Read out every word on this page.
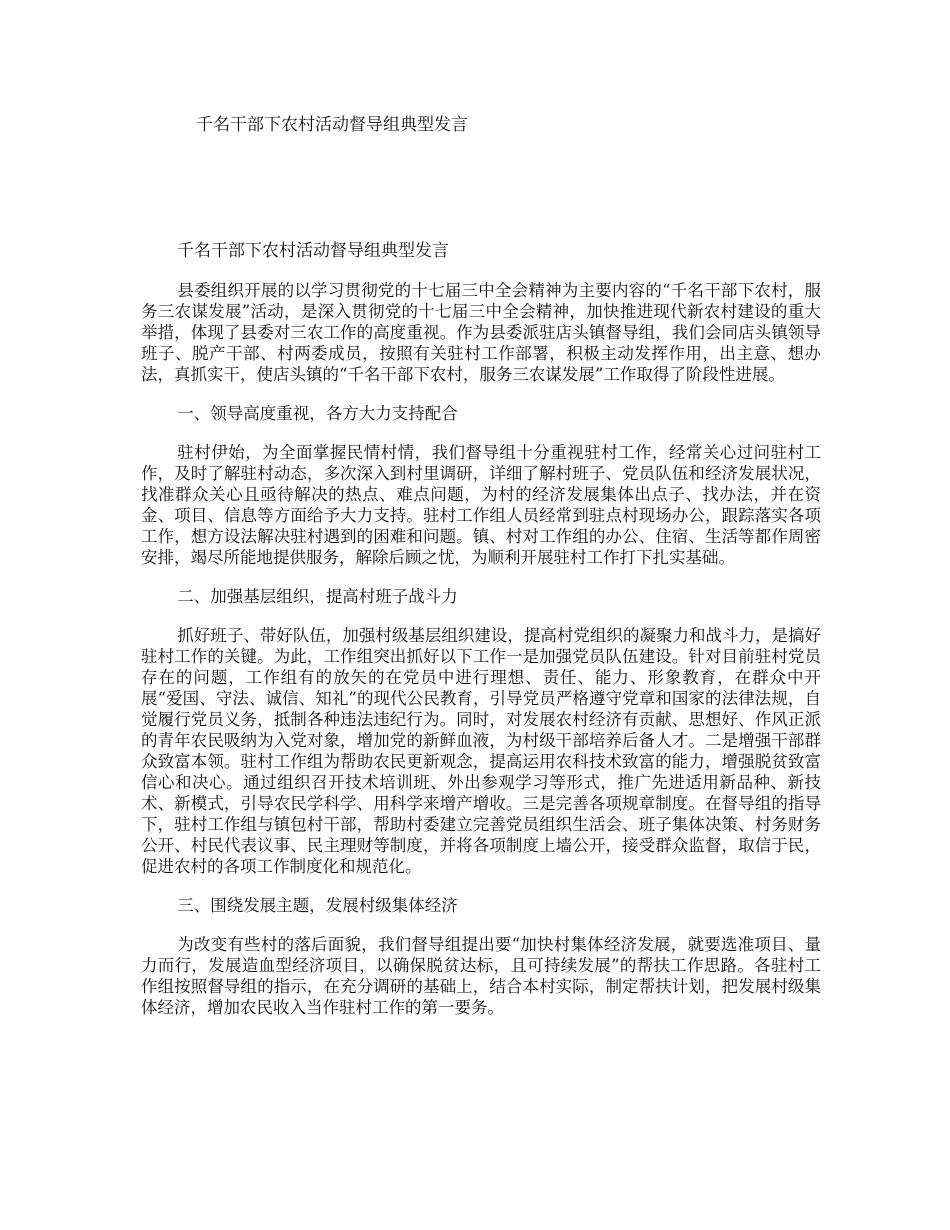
千名干部下农村活动督导组典型发言
千名干部下农村活动督导组典型发言

县委组织开展的以学习贯彻党的十七届三中全会精神为主要内容的“千名干部下农村，服务三农谋发展”活动，是深入贯彻党的十七届三中全会精神，加快推进现代新农村建设的重大举措，体现了县委对三农工作的高度重视。作为县委派驻店头镇督导组，我们会同店头镇领导班子、脱产干部、村两委成员，按照有关驻村工作部署，积极主动发挥作用，出主意、想办法，真抓实干，使店头镇的“千名干部下农村，服务三农谋发展”工作取得了阶段性进展。

一、领导高度重视，各方大力支持配合

驻村伊始，为全面掌握民情村情，我们督导组十分重视驻村工作，经常关心过问驻村工作，及时了解驻村动态，多次深入到村里调研，详细了解村班子、党员队伍和经济发展状况，找准群众关心且亟待解决的热点、难点问题，为村的经济发展集体出点子、找办法，并在资金、项目、信息等方面给予大力支持。驻村工作组人员经常到驻点村现场办公，跟踪落实各项工作，想方设法解决驻村遇到的困难和问题。镇、村对工作组的办公、住宿、生活等都作周密安排，竭尽所能地提供服务，解除后顾之忧，为顺利开展驻村工作打下扎实基础。

二、加强基层组织，提高村班子战斗力

抓好班子、带好队伍，加强村级基层组织建设，提高村党组织的凝聚力和战斗力，是搞好驻村工作的关键。为此，工作组突出抓好以下工作一是加强党员队伍建设。针对目前驻村党员存在的问题，工作组有的放矢的在党员中进行理想、责任、能力、形象教育，在群众中开展“爱国、守法、诚信、知礼”的现代公民教育，引导党员严格遵守党章和国家的法律法规，自觉履行党员义务，抵制各种违法违纪行为。同时，对发展农村经济有贡献、思想好、作风正派的青年农民吸纳为入党对象，增加党的新鲜血液，为村级干部培养后备人才。二是增强干部群众致富本领。驻村工作组为帮助农民更新观念，提高运用农科技术致富的能力，增强脱贫致富信心和决心。通过组织召开技术培训班、外出参观学习等形式，推广先进适用新品种、新技术、新模式，引导农民学科学、用科学来增产增收。三是完善各项规章制度。在督导组的指导下，驻村工作组与镇包村干部，帮助村委建立完善党员组织生活会、班子集体决策、村务财务公开、村民代表议事、民主理财等制度，并将各项制度上墙公开，接受群众监督，取信于民，促进农村的各项工作制度化和规范化。

三、围绕发展主题，发展村级集体经济

为改变有些村的落后面貌，我们督导组提出要“加快村集体经济发展，就要选准项目、量力而行，发展造血型经济项目，以确保脱贫达标，且可持续发展”的帮扶工作思路。各驻村工作组按照督导组的指示，在充分调研的基础上，结合本村实际，制定帮扶计划，把发展村级集体经济，增加农民收入当作驻村工作的第一要务。
